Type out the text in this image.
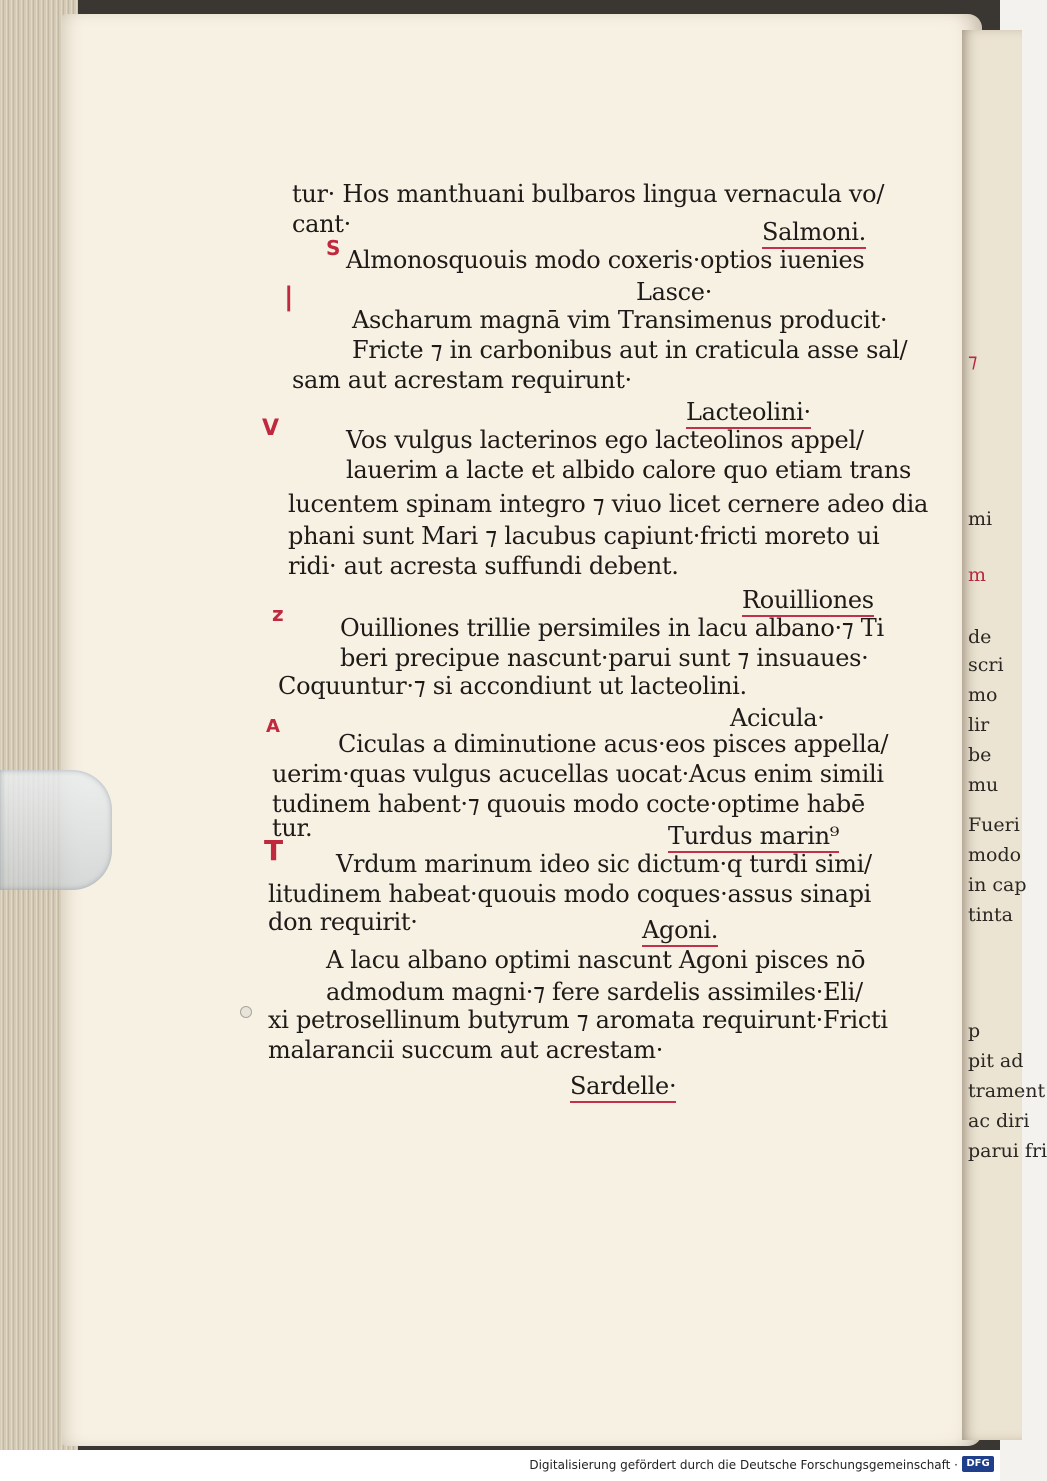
⁊
mi
m
de
scri
mo
lir
be
mu
Fueri
modo
in cap
tinta
p
pit ad
trament
ac diri
parui fri
tur· Hos manthuani bulbaros lingua vernacula vo/
cant·	Salmoni.
Almonosquouis modo coxeris·optios iuenies
Lasce·
Ascharum magnā vim Transimenus producit·
Fricte ⁊ in carbonibus aut in craticula asse sal/
sam aut acrestam requirunt·
Lacteolini·
Vos vulgus lacterinos ego lacteolinos appel/
lauerim a lacte et albido calore quo etiam trans
lucentem spinam integro ⁊ viuo licet cernere adeo dia
phani sunt Mari ⁊ lacubus capiunt·fricti moreto ui
ridi· aut acresta suffundi debent.
Rouilliones
Ouilliones trillie persimiles in lacu albano·⁊ Ti
beri precipue nascunt·parui sunt ⁊ insuaues·
Coquuntur·⁊ si accondiunt ut lacteolini.
Acicula·
Ciculas a diminutione acus·eos pisces appella/
uerim·quas vulgus acucellas uocat·Acus enim simili
tudinem habent·⁊ quouis modo cocte·optime habē
tur.	Turdus marin⁹
Vrdum marinum ideo sic dictum·q turdi simi/
litudinem habeat·quouis modo coques·assus sinapi
don requirit·	Agoni.
A lacu albano optimi nascunt Agoni pisces nō
admodum magni·⁊ fere sardelis assimiles·Eli/
xi petrosellinum butyrum ⁊ aromata requirunt·Fricti
malarancii succum aut acrestam·
Sardelle·
S
|
V
z
A
T
Digitalisierung gefördert durch die Deutsche Forschungsgemeinschaft · DFG
